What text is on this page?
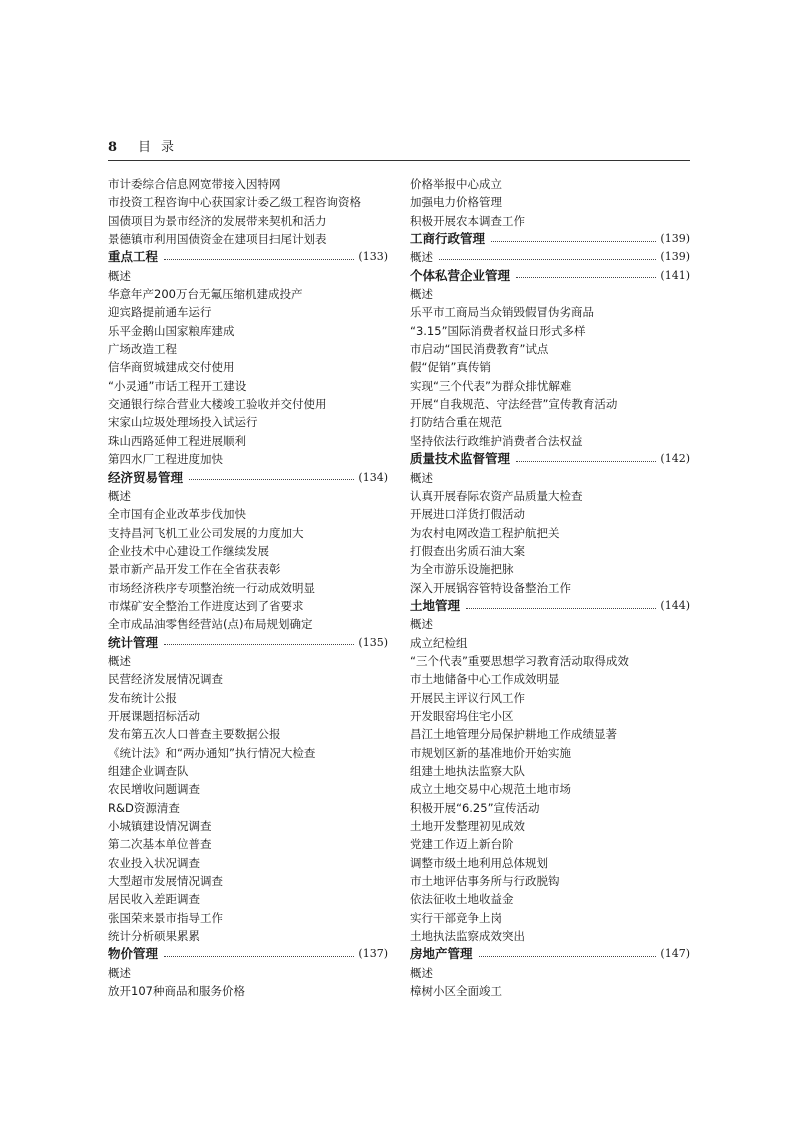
8 目录
市计委综合信息网宽带接入因特网
市投资工程咨询中心获国家计委乙级工程咨询资格
国债项目为景市经济的发展带来契机和活力
景德镇市利用国债资金在建项目扫尾计划表
重点工程	(133)
概述
华意年产200万台无氟压缩机建成投产
迎宾路提前通车运行
乐平金鹅山国家粮库建成
广场改造工程
信华商贸城建成交付使用
“小灵通”市话工程开工建设
交通银行综合营业大楼竣工验收并交付使用
宋家山垃圾处理场投入试运行
珠山西路延伸工程进展顺利
第四水厂工程进度加快
经济贸易管理	(134)
概述
全市国有企业改革步伐加快
支持昌河飞机工业公司发展的力度加大
企业技术中心建设工作继续发展
景市新产品开发工作在全省获表彰
市场经济秩序专项整治统一行动成效明显
市煤矿安全整治工作进度达到了省要求
全市成品油零售经营站(点)布局规划确定
统计管理	(135)
概述
民营经济发展情况调查
发布统计公报
开展课题招标活动
发布第五次人口普查主要数据公报
《统计法》和“两办通知”执行情况大检查
组建企业调查队
农民增收问题调查
R&D资源清查
小城镇建设情况调查
第二次基本单位普查
农业投入状况调查
大型超市发展情况调查
居民收入差距调查
张国荣来景市指导工作
统计分析硕果累累
物价管理	(137)
概述
放开107种商品和服务价格
价格举报中心成立
加强电力价格管理
积极开展农本调查工作
工商行政管理	(139)
概述	(139)
个体私营企业管理	(141)
概述
乐平市工商局当众销毁假冒伪劣商品
“3.15”国际消费者权益日形式多样
市启动“国民消费教育”试点
假“促销”真传销
实现“三个代表”为群众排忧解难
开展“自我规范、守法经营”宣传教育活动
打防结合重在规范
坚持依法行政维护消费者合法权益
质量技术监督管理	(142)
概述
认真开展春际农资产品质量大检查
开展进口洋货打假活动
为农村电网改造工程护航把关
打假查出劣质石油大案
为全市游乐设施把脉
深入开展锅容管特设备整治工作
土地管理	(144)
概述
成立纪检组
“三个代表”重要思想学习教育活动取得成效
市土地储备中心工作成效明显
开展民主评议行风工作
开发眼窑坞住宅小区
昌江土地管理分局保护耕地工作成绩显著
市规划区新的基准地价开始实施
组建土地执法监察大队
成立土地交易中心规范土地市场
积极开展“6.25”宣传活动
土地开发整理初见成效
党建工作迈上新台阶
调整市级土地利用总体规划
市土地评估事务所与行政脱钩
依法征收土地收益金
实行干部竞争上岗
土地执法监察成效突出
房地产管理	(147)
概述
樟树小区全面竣工
